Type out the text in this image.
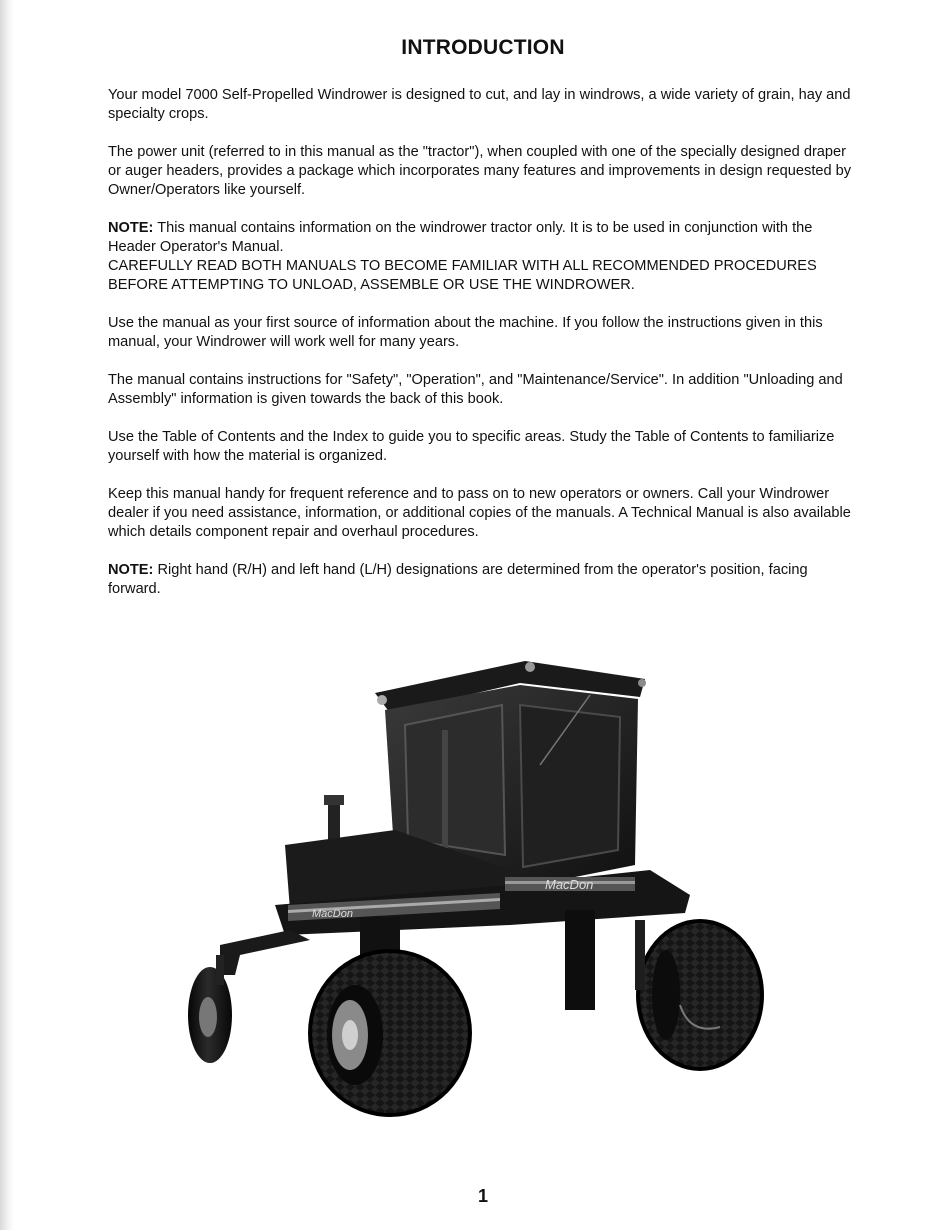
INTRODUCTION

Your model 7000 Self-Propelled Windrower is designed to cut, and lay in windrows, a wide variety of grain, hay and specialty crops.

The power unit (referred to in this manual as the "tractor"), when coupled with one of the specially designed draper or auger headers, provides a package which incorporates many features and improvements in design requested by Owner/Operators like yourself.

NOTE: This manual contains information on the windrower tractor only. It is to be used in conjunction with the Header Operator's Manual.

CAREFULLY READ BOTH MANUALS TO BECOME FAMILIAR WITH ALL RECOMMENDED PROCEDURES BEFORE ATTEMPTING TO UNLOAD, ASSEMBLE OR USE THE WINDROWER.

Use the manual as your first source of information about the machine. If you follow the instructions given in this manual, your Windrower will work well for many years.

The manual contains instructions for "Safety", "Operation", and "Maintenance/Service". In addition "Unloading and Assembly" information is given towards the back of this book.

Use the Table of Contents and the Index to guide you to specific areas. Study the Table of Contents to familiarize yourself with how the material is organized.

Keep this manual handy for frequent reference and to pass on to new operators or owners. Call your Windrower dealer if you need assistance, information, or additional copies of the manuals. A Technical Manual is also available which details component repair and overhaul procedures.

NOTE: Right hand (R/H) and left hand (L/H) designations are determined from the operator's position, facing forward.

MacDon
MacDon
1
